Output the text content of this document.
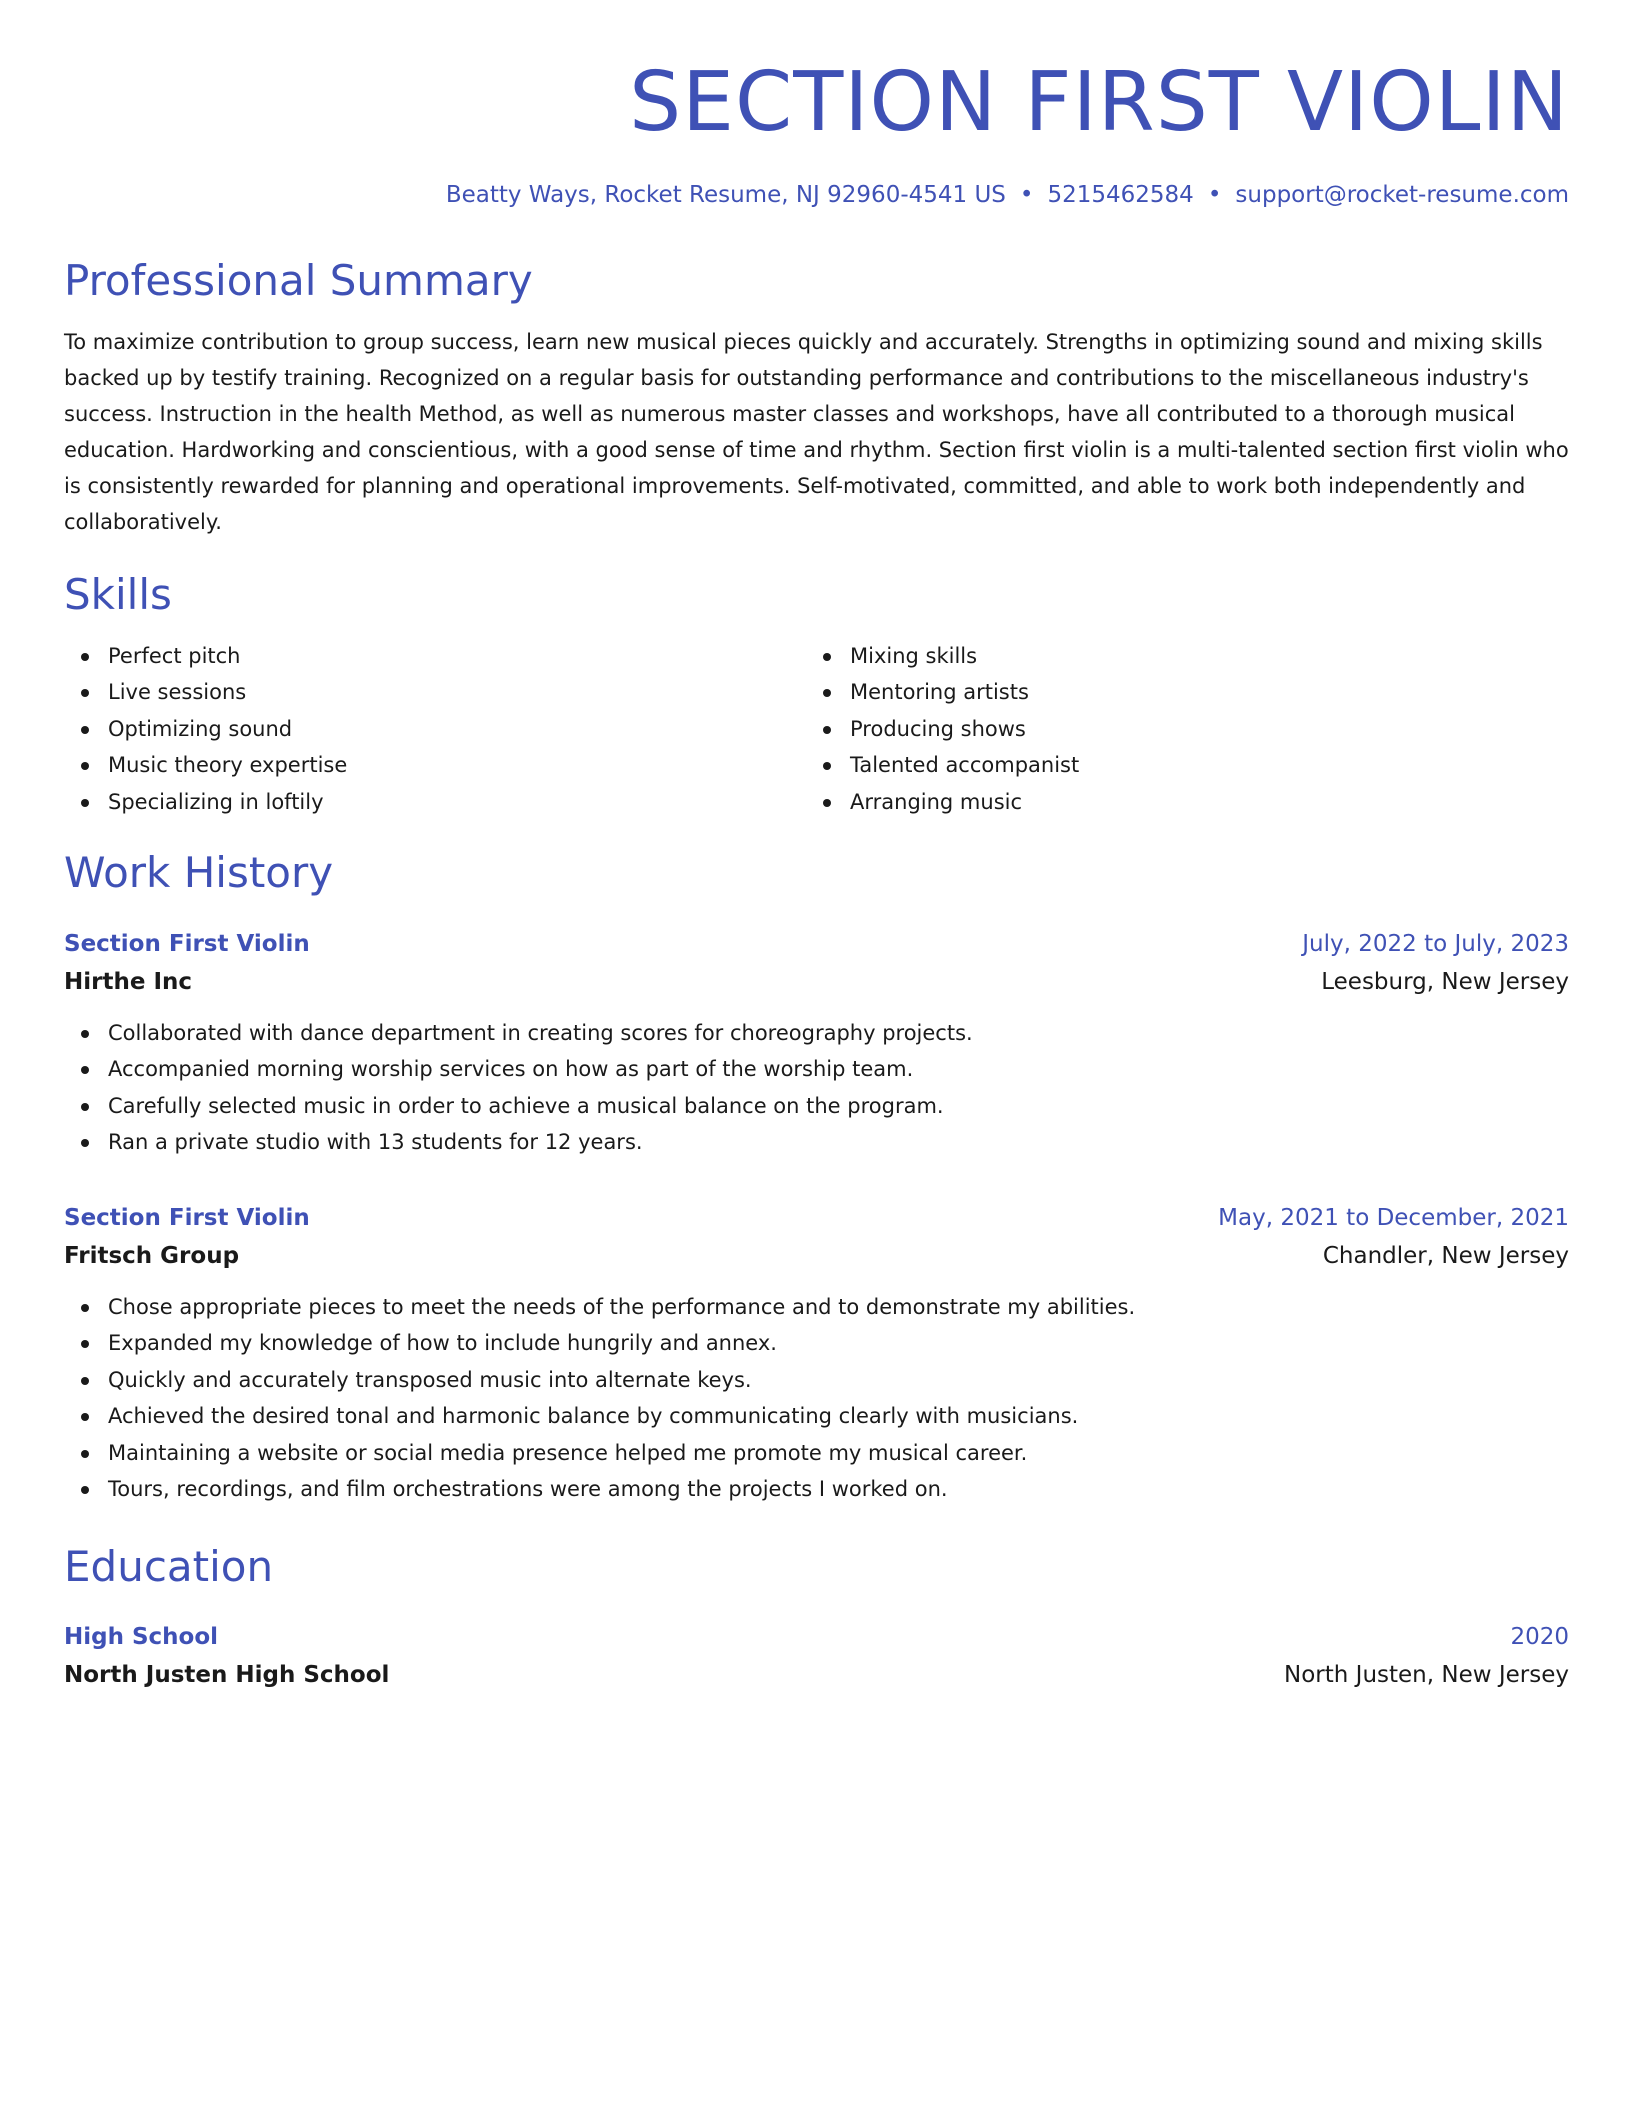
SECTION FIRST VIOLIN
Beatty Ways, Rocket Resume, NJ 92960-4541 US • 5215462584 • support@rocket-resume.com
Professional Summary

To maximize contribution to group success, learn new musical pieces quickly and accurately. Strengths in optimizing sound and mixing skills backed up by testify training. Recognized on a regular basis for outstanding performance and contributions to the miscellaneous industry's success. Instruction in the health Method, as well as numerous master classes and workshops, have all contributed to a thorough musical education. Hardworking and conscientious, with a good sense of time and rhythm. Section first violin is a multi-talented section first violin who is consistently rewarded for planning and operational improvements. Self-motivated, committed, and able to work both independently and collaboratively.

Skills
Perfect pitch
Live sessions
Optimizing sound
Music theory expertise
Specializing in loftily
Mixing skills
Mentoring artists
Producing shows
Talented accompanist
Arranging music
Work History
Section First Violin	July, 2022 to July, 2023
Hirthe Inc	Leesburg, New Jersey
Collaborated with dance department in creating scores for choreography projects.
Accompanied morning worship services on how as part of the worship team.
Carefully selected music in order to achieve a musical balance on the program.
Ran a private studio with 13 students for 12 years.
Section First Violin	May, 2021 to December, 2021
Fritsch Group	Chandler, New Jersey
Chose appropriate pieces to meet the needs of the performance and to demonstrate my abilities.
Expanded my knowledge of how to include hungrily and annex.
Quickly and accurately transposed music into alternate keys.
Achieved the desired tonal and harmonic balance by communicating clearly with musicians.
Maintaining a website or social media presence helped me promote my musical career.
Tours, recordings, and film orchestrations were among the projects I worked on.
Education
High School	2020
North Justen High School	North Justen, New Jersey
